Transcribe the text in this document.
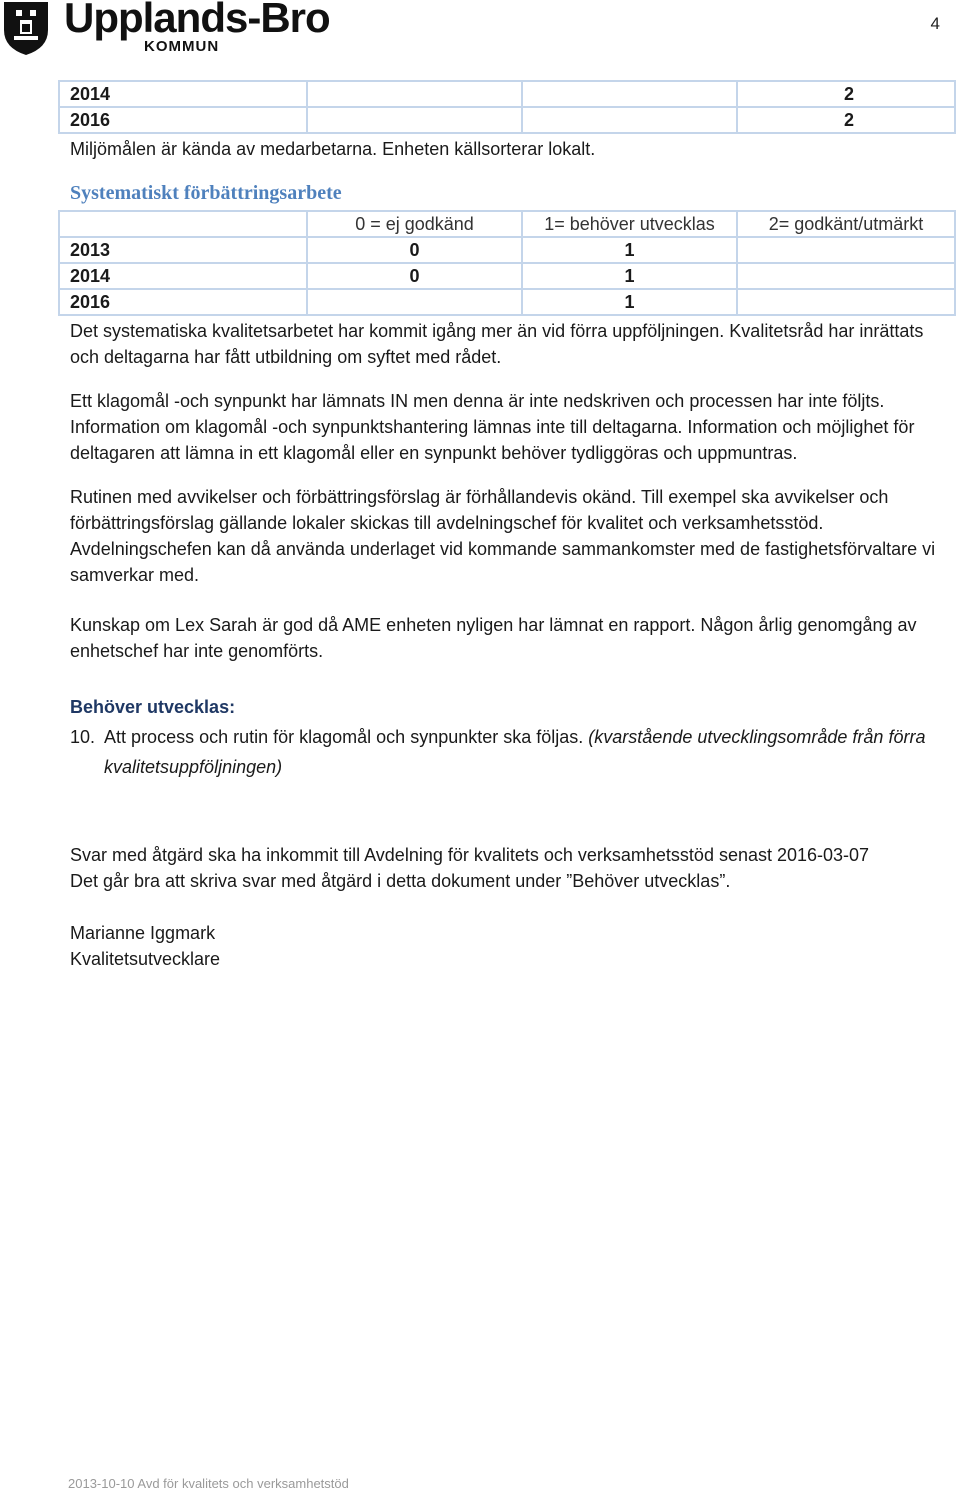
Upplands-Bro
KOMMUN
4
2014			2
2016			2

Miljömålen är kända av medarbetarna. Enheten källsorterar lokalt.

Systematiskt förbättringsarbete
	0 = ej godkänd	1= behöver utvecklas	2= godkänt/utmärkt
2013	0	1	
2014	0	1	
2016		1	

Det systematiska kvalitetsarbetet har kommit igång mer än vid förra uppföljningen. Kvalitetsråd har inrättats och deltagarna har fått utbildning om syftet med rådet.

Ett klagomål -och synpunkt har lämnats IN men denna är inte nedskriven och processen har inte följts. Information om klagomål -och synpunktshantering lämnas inte till deltagarna. Information och möjlighet för deltagaren att lämna in ett klagomål eller en synpunkt behöver tydliggöras och uppmuntras.

Rutinen med avvikelser och förbättringsförslag är förhållandevis okänd. Till exempel ska avvikelser och förbättringsförslag gällande lokaler skickas till avdelningschef för kvalitet och verksamhetsstöd. Avdelningschefen kan då använda underlaget vid kommande sammankomster med de fastighetsförvaltare vi samverkar med.

Kunskap om Lex Sarah är god då AME enheten nyligen har lämnat en rapport. Någon årlig genomgång av enhetschef har inte genomförts.

Behöver utvecklas:

10. Att process och rutin för klagomål och synpunkter ska följas. (kvarstående utvecklingsområde från förra kvalitetsuppföljningen)

Svar med åtgärd ska ha inkommit till Avdelning för kvalitets och verksamhetsstöd senast 2016-03-07

Det går bra att skriva svar med åtgärd i detta dokument under ”Behöver utvecklas”.

Marianne Iggmark

Kvalitetsutvecklare

2013-10-10 Avd för kvalitets och verksamhetstöd
